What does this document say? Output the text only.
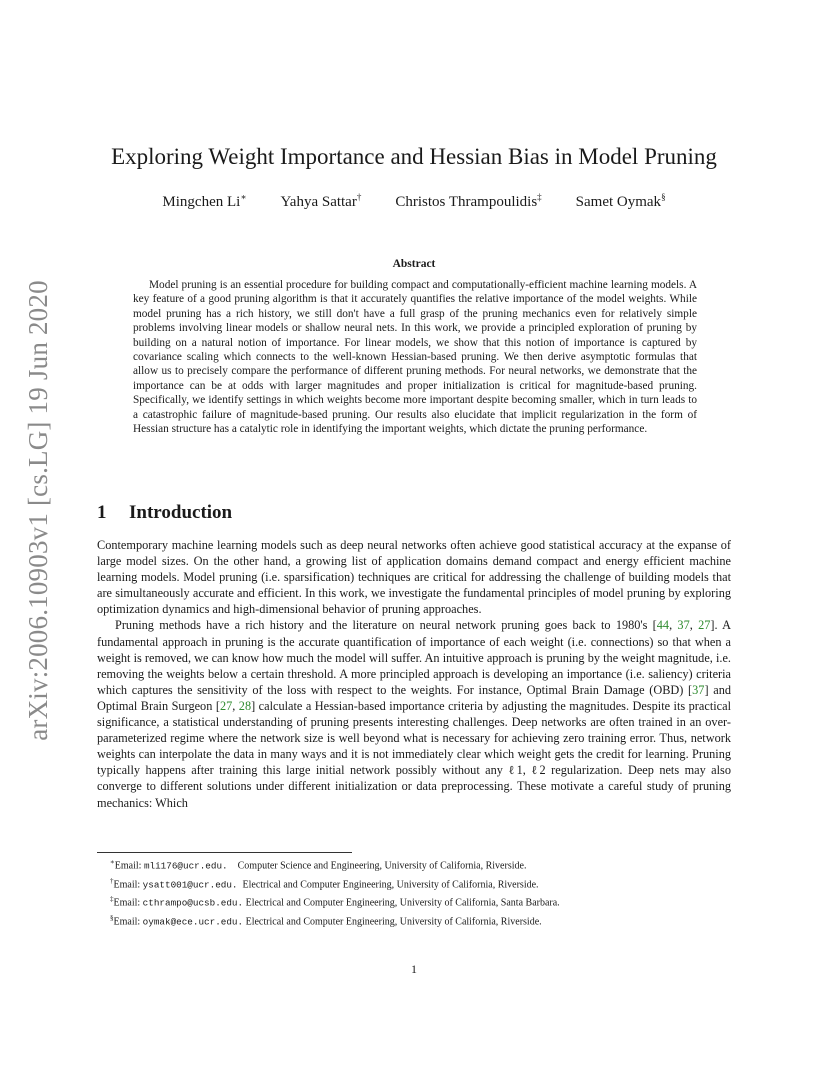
arXiv:2006.10903v1 [cs.LG] 19 Jun 2020
Exploring Weight Importance and Hessian Bias in Model Pruning
Mingchen Li∗ Yahya Sattar† Christos Thrampoulidis‡ Samet Oymak§
Abstract

Model pruning is an essential procedure for building compact and computationally-efficient machine learning models. A key feature of a good pruning algorithm is that it accurately quantifies the relative importance of the model weights. While model pruning has a rich history, we still don't have a full grasp of the pruning mechanics even for relatively simple problems involving linear models or shallow neural nets. In this work, we provide a principled exploration of pruning by building on a natural notion of importance. For linear models, we show that this notion of importance is captured by covariance scaling which connects to the well-known Hessian-based pruning. We then derive asymptotic formulas that allow us to precisely compare the performance of different pruning methods. For neural networks, we demonstrate that the importance can be at odds with larger magnitudes and proper initialization is critical for magnitude-based pruning. Specifically, we identify settings in which weights become more important despite becoming smaller, which in turn leads to a catastrophic failure of magnitude-based pruning. Our results also elucidate that implicit regularization in the form of Hessian structure has a catalytic role in identifying the important weights, which dictate the pruning performance.

1 Introduction

Contemporary machine learning models such as deep neural networks often achieve good statistical accuracy at the expanse of large model sizes. On the other hand, a growing list of application domains demand compact and energy efficient machine learning models. Model pruning (i.e. sparsification) techniques are critical for addressing the challenge of building models that are simultaneously accurate and efficient. In this work, we investigate the fundamental principles of model pruning by exploring optimization dynamics and high-dimensional behavior of pruning approaches.

Pruning methods have a rich history and the literature on neural network pruning goes back to 1980's [44, 37, 27]. A fundamental approach in pruning is the accurate quantification of importance of each weight (i.e. connections) so that when a weight is removed, we can know how much the model will suffer. An intuitive approach is pruning by the weight magnitude, i.e. removing the weights below a certain threshold. A more principled approach is developing an importance (i.e. saliency) criteria which captures the sensitivity of the loss with respect to the weights. For instance, Optimal Brain Damage (OBD) [37] and Optimal Brain Surgeon [27, 28] calculate a Hessian-based importance criteria by adjusting the magnitudes. Despite its practical significance, a statistical understanding of pruning presents interesting challenges. Deep networks are often trained in an over-parameterized regime where the network size is well beyond what is necessary for achieving zero training error. Thus, network weights can interpolate the data in many ways and it is not immediately clear which weight gets the credit for learning. Pruning typically happens after training this large initial network possibly without any ℓ1, ℓ2 regularization. Deep nets may also converge to different solutions under different initialization or data preprocessing. These motivate a careful study of pruning mechanics: Which

∗Email: mli176@ucr.edu. Computer Science and Engineering, University of California, Riverside.

†Email: ysatt001@ucr.edu. Electrical and Computer Engineering, University of California, Riverside.

‡Email: cthrampo@ucsb.edu. Electrical and Computer Engineering, University of California, Santa Barbara.

§Email: oymak@ece.ucr.edu. Electrical and Computer Engineering, University of California, Riverside.

1
